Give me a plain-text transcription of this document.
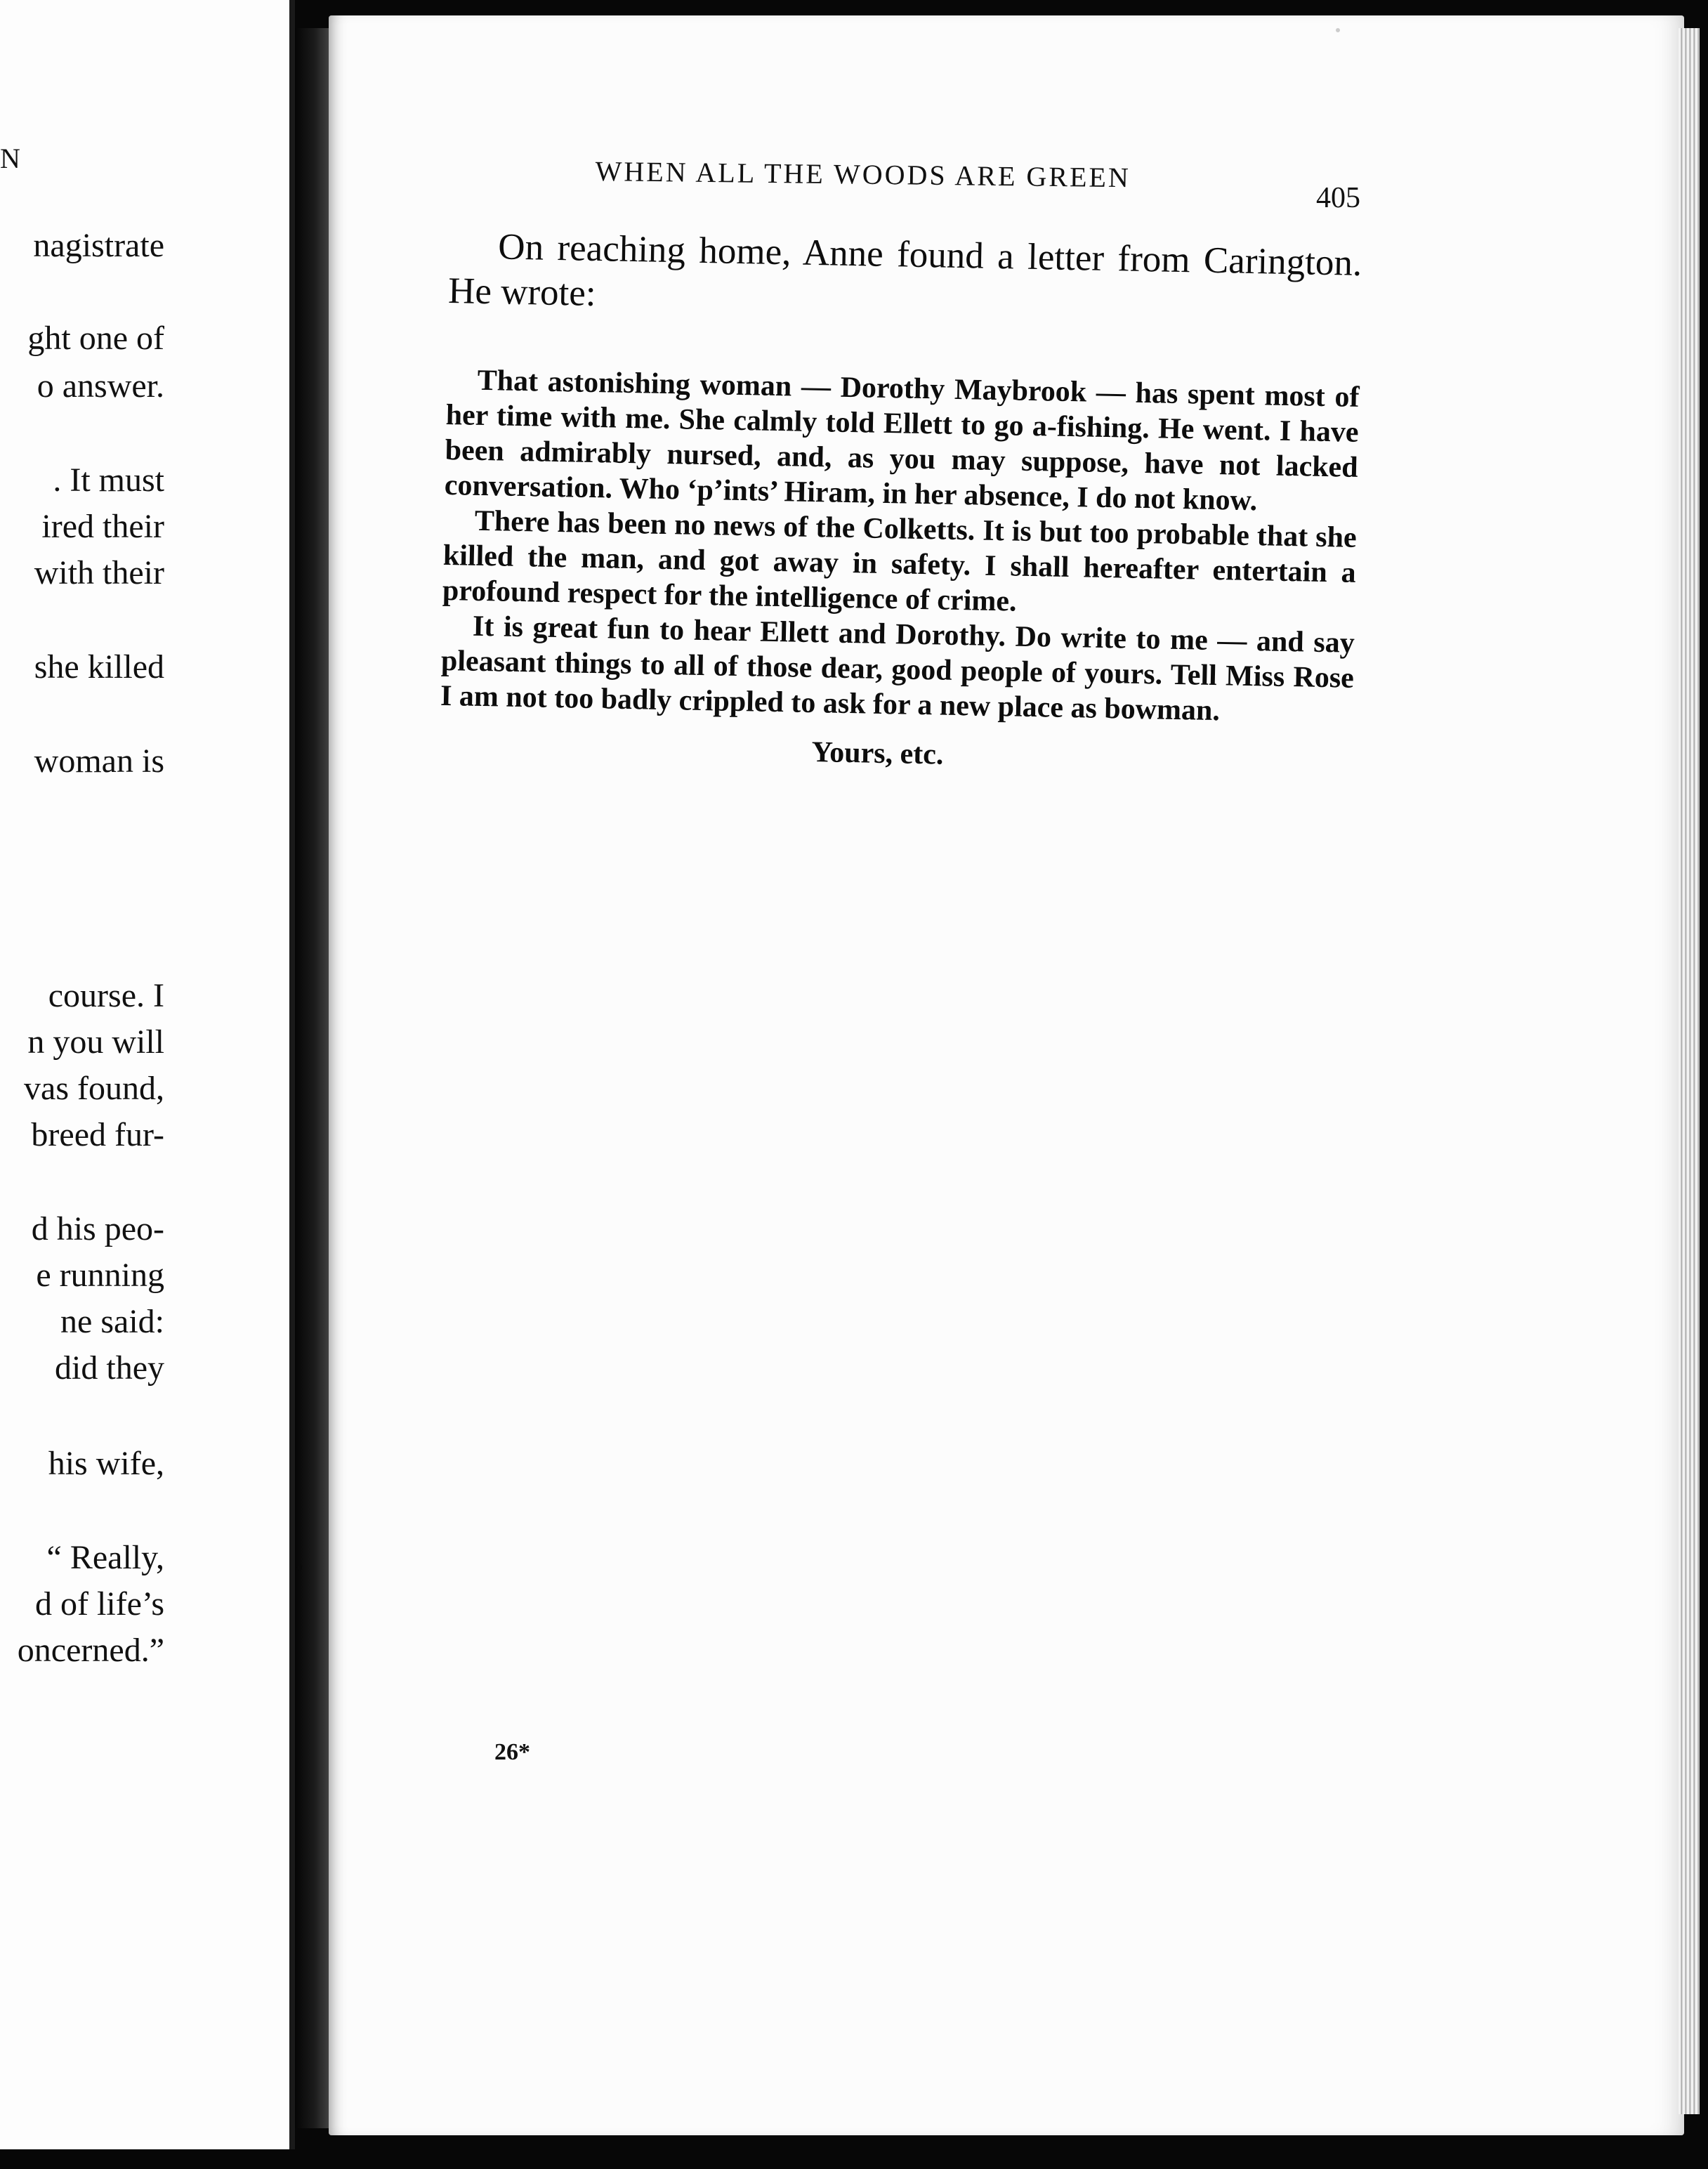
N
nagistrate
ght one of
o answer.
. It must
ired their
with their
she killed
woman is
course. I
n you will
vas found,
breed fur-
d his peo-
e running
ne said:
did they
his wife,
“ Really,
d of life’s
oncerned.”
WHEN ALL THE WOODS ARE GREEN
405

On reaching home, Anne found a letter from Carington. He wrote:

That astonishing woman — Dorothy Maybrook — has spent most of her time with me. She calmly told Ellett to go a-fishing. He went. I have been admirably nursed, and, as you may suppose, have not lacked conversation. Who ‘p’ints’ Hiram, in her absence, I do not know.

There has been no news of the Colketts. It is but too probable that she killed the man, and got away in safety. I shall hereafter entertain a profound respect for the intelligence of crime.

It is great fun to hear Ellett and Dorothy. Do write to me — and say pleasant things to all of those dear, good people of yours. Tell Miss Rose I am not too badly crippled to ask for a new place as bowman.

Yours, etc.
26*
